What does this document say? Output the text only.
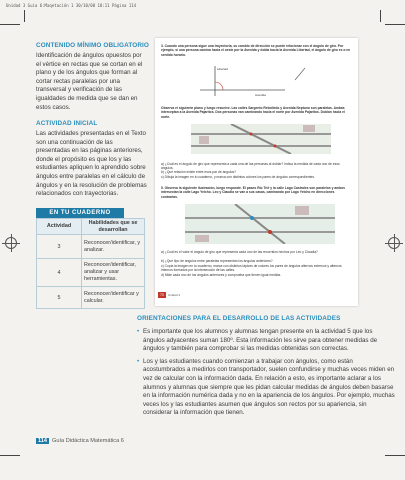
Unidad 3 Guia 6:Maqetación 1 30/10/08 18:11 Página 114
CONTENIDO MÍNIMO OBLIGATORIO
Identificación de ángulos opuestos por el vértice en rectas que se cortan en el plano y de los ángulos que forman al cortar rectas paralelas por una transversal y verificación de las igualdades de medida que se dan en estos casos.
ACTIVIDAD INICIAL
Las actividades presentadas en el Texto son una continuación de las presentadas en las páginas anteriores, donde el propósito es que los y las estudiantes apliquen lo aprendido sobre ángulos entre paralelas en el cálculo de ángulos y en la resolución de problemas relacionados con trayectorias.
EN TU CUADERNO
Actividad	Habilidades que se desarrollan
3	Reconocer/identificar, y analizar.
4	Reconocer/identificar, analizar y usar herramientas.
5	Reconocer/identificar y calcular.
3. Cuando una persona sigue una trayectoria, su cambio de dirección se puede relacionar con el ángulo de giro. Por ejemplo, si una persona camina hacia el oeste por la Avenida y dobla hacia la Avenida Libertad, el ángulo de giro es α en sentido horario.
Libertad
Avenida
Observa el siguiente plano y luego resuelve. Las calles Sargento Rebolledo y Avenida Neptuno son paralelas. Ambas interceptan a la Avenida Pajaritos. Dos personas van caminando hacia el norte por Avenida Pajaritos. Doblan hacia el norte.
a) ¿Cuál es el ángulo de giro que representa a cada una de las personas al doblar? Indica la medida de cada uno de esos ángulos.
b) ¿Qué relación existe entre esos par de ángulos?
c) Dibuja la imagen en tu cuaderno, y marca con distintos colores los pares de ángulos correspondientes.
5. Observa la siguiente ilustración, luego responde. El paseo Río Trié y la calle Lago Castrales son paralelos y ambos intersectan la calle Lago Yelcho. Leo y Claudia se van a sus casas, caminando por Lago Yelcho en direcciones contrarias.
a) ¿Cuál es el valor el ángulo de giro que representa cada uno de las recorridos hechos por Leo y Claudia?
b) ¿Qué tipo de ángulos entre paralelas representan los ángulos anteriores?
c) Copia la imagen en tu cuaderno, marca con distintos lápices de colores los pares de ángulos alternos externos y alternos internos formados por la intersección de las calles.
d) Mide cada uno de los ángulos anteriores y comprueba que tienen igual medida.
70	Unidad 3
ORIENTACIONES PARA EL DESARROLLO DE LAS ACTIVIDADES
• Es importante que los alumnos y alumnas tengan presente en la actividad 5 que los ángulos adyacentes suman 180º. Esta información les sirve para obtener medidas de ángulos y también para comprobar si las medidas obtenidas son correctas.
• Los y las estudiantes cuando comienzan a trabajar con ángulos, como están acostumbrados a medirlos con transportador, suelen confundirse y muchas veces miden en vez de calcular con la información dada. En relación a esto, es importante aclarar a los alumnos y alumnas que siempre que les pidan calcular medidas de ángulos deben basarse en la información numérica dada y no en la apariencia de los ángulos. Por ejemplo, muchas veces los y las estudiantes asumen que ángulos son rectos por su apariencia, sin considerar la información que tienen.
114 Guía Didáctica Matemática 6
